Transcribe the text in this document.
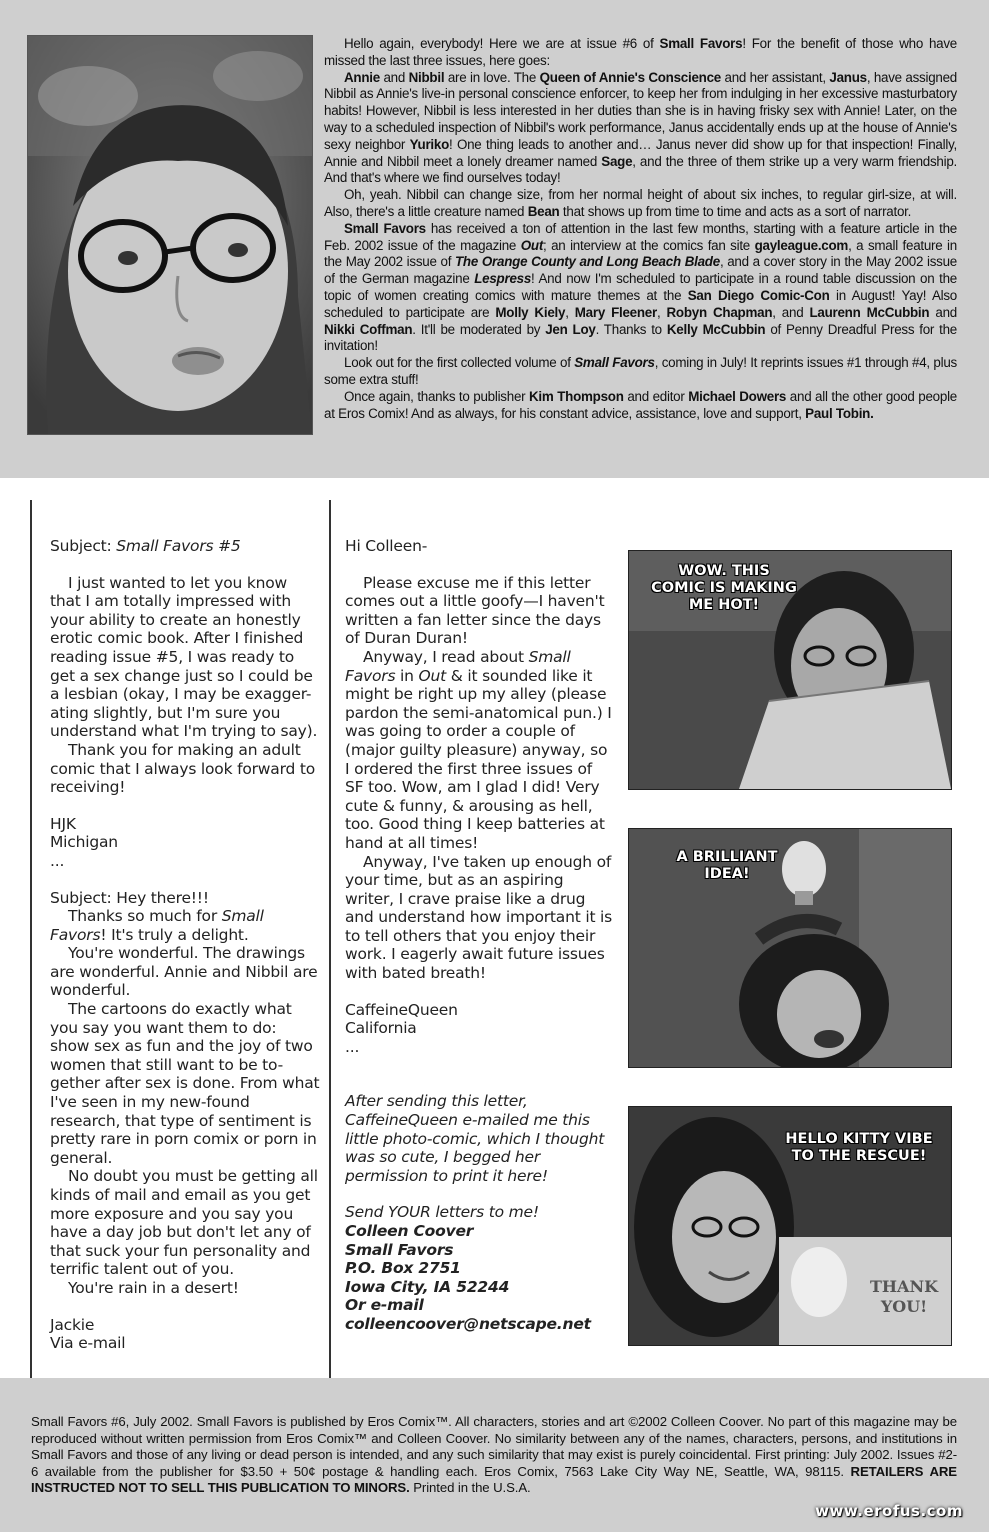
Hello again, everybody! Here we are at issue #6 of Small Favors! For the benefit of those who have missed the last three issues, here goes:

Annie and Nibbil are in love. The Queen of Annie's Conscience and her assistant, Janus, have assigned Nibbil as Annie's live-in personal conscience enforcer, to keep her from indulging in her excessive masturbatory habits! However, Nibbil is less interested in her duties than she is in having frisky sex with Annie! Later, on the way to a scheduled inspection of Nibbil's work performance, Janus accidentally ends up at the house of Annie's sexy neighbor Yuriko! One thing leads to another and… Janus never did show up for that inspection! Finally, Annie and Nibbil meet a lonely dreamer named Sage, and the three of them strike up a very warm friendship. And that's where we find ourselves today!

Oh, yeah. Nibbil can change size, from her normal height of about six inches, to regular girl-size, at will. Also, there's a little creature named Bean that shows up from time to time and acts as a sort of narrator.

Small Favors has received a ton of attention in the last few months, starting with a feature article in the Feb. 2002 issue of the magazine Out; an interview at the comics fan site gayleague.com, a small feature in the May 2002 issue of The Orange County and Long Beach Blade, and a cover story in the May 2002 issue of the German magazine Lespress! And now I'm scheduled to participate in a round table discussion on the topic of women creating comics with mature themes at the San Diego Comic-Con in August! Yay! Also scheduled to participate are Molly Kiely, Mary Fleener, Robyn Chapman, and Laurenn McCubbin and Nikki Coffman. It'll be moderated by Jen Loy. Thanks to Kelly McCubbin of Penny Dreadful Press for the invitation!

Look out for the first collected volume of Small Favors, coming in July! It reprints issues #1 through #4, plus some extra stuff!

Once again, thanks to publisher Kim Thompson and editor Michael Dowers and all the other good people at Eros Comix! And as always, for his constant advice, assistance, love and support, Paul Tobin.

Subject: Small Favors #5

I just wanted to let you know that I am totally impressed with your ability to create an honestly erotic comic book. After I finished reading issue #5, I was ready to get a sex change just so I could be a lesbian (okay, I may be exagger-ating slightly, but I'm sure you understand what I'm trying to say).

Thank you for making an adult comic that I always look forward to receiving!

HJK

Michigan

...

Subject: Hey there!!!

Thanks so much for Small Favors! It's truly a delight.

You're wonderful. The drawings are wonderful. Annie and Nibbil are wonderful.

The cartoons do exactly what you say you want them to do: show sex as fun and the joy of two women that still want to be to-gether after sex is done. From what I've seen in my new-found research, that type of sentiment is pretty rare in porn comix or porn in general.

No doubt you must be getting all kinds of mail and email as you get more exposure and you say you have a day job but don't let any of that suck your fun personality and terrific talent out of you.

You're rain in a desert!

Jackie

Via e-mail

Hi Colleen-

Please excuse me if this letter comes out a little goofy—I haven't written a fan letter since the days of Duran Duran!

Anyway, I read about Small Favors in Out & it sounded like it might be right up my alley (please pardon the semi-anatomical pun.) I was going to order a couple of (major guilty pleasure) anyway, so I ordered the first three issues of SF too. Wow, am I glad I did! Very cute & funny, & arousing as hell, too. Good thing I keep batteries at hand at all times!

Anyway, I've taken up enough of your time, but as an aspiring writer, I crave praise like a drug and understand how important it is to tell others that you enjoy their work. I eagerly await future issues with bated breath!

CaffeineQueen

California

...

After sending this letter, CaffeineQueen e-mailed me this little photo-comic, which I thought was so cute, I begged her permission to print it here!

Send YOUR letters to me!

Colleen Coover

Small Favors

P.O. Box 2751

Iowa City, IA 52244

Or e-mail

colleencoover@netscape.net

WOW. THIS COMIC IS MAKING ME HOT!
A BRILLIANT IDEA!
HELLO KITTY VIBE TO THE RESCUE!
THANK YOU!
Small Favors #6, July 2002. Small Favors is published by Eros Comix™. All characters, stories and art ©2002 Colleen Coover. No part of this magazine may be reproduced without written permission from Eros Comix™ and Colleen Coover. No similarity between any of the names, characters, persons, and institutions in Small Favors and those of any living or dead person is intended, and any such similarity that may exist is purely coincidental. First printing: July 2002. Issues #2-6 available from the publisher for $3.50 + 50¢ postage & handling each. Eros Comix, 7563 Lake City Way NE, Seattle, WA, 98115. RETAILERS ARE INSTRUCTED NOT TO SELL THIS PUBLICATION TO MINORS. Printed in the U.S.A.
www.erofus.com
